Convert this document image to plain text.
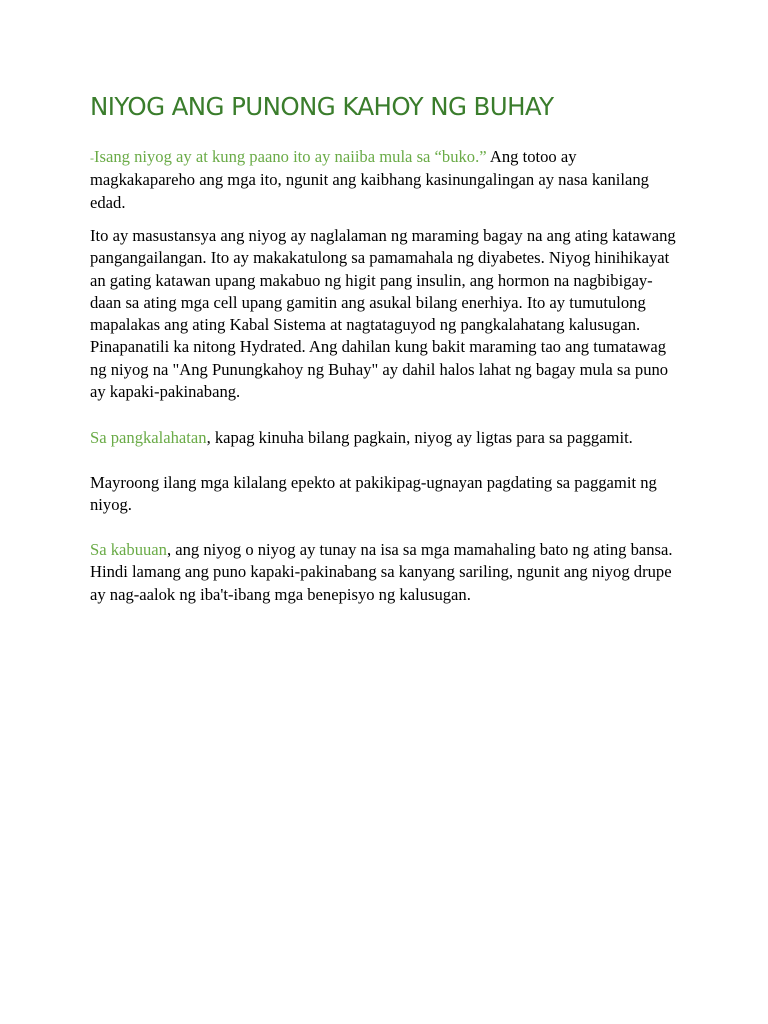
NIYOG ANG PUNONG KAHOY NG BUHAY

-Isang niyog ay at kung paano ito ay naiiba mula sa “buko.” Ang totoo ay magkakapareho ang mga ito, ngunit ang kaibhang kasinungalingan ay nasa kanilang edad.

Ito ay masustansya ang niyog ay naglalaman ng maraming bagay na ang ating katawang pangangailangan. Ito ay makakatulong sa pamamahala ng diyabetes. Niyog hinihikayat an gating katawan upang makabuo ng higit pang insulin, ang hormon na nagbibigay-daan sa ating mga cell upang gamitin ang asukal bilang enerhiya. Ito ay tumutulong mapalakas ang ating Kabal Sistema at nagtataguyod ng pangkalahatang kalusugan. Pinapanatili ka nitong Hydrated. Ang dahilan kung bakit maraming tao ang tumatawag ng niyog na "Ang Punungkahoy ng Buhay" ay dahil halos lahat ng bagay mula sa puno ay kapaki-pakinabang.

Sa pangkalahatan, kapag kinuha bilang pagkain, niyog ay ligtas para sa paggamit.

Mayroong ilang mga kilalang epekto at pakikipag-ugnayan pagdating sa paggamit ng niyog.

Sa kabuuan, ang niyog o niyog ay tunay na isa sa mga mamahaling bato ng ating bansa. Hindi lamang ang puno kapaki-pakinabang sa kanyang sariling, ngunit ang niyog drupe ay nag-aalok ng iba't-ibang mga benepisyo ng kalusugan.
